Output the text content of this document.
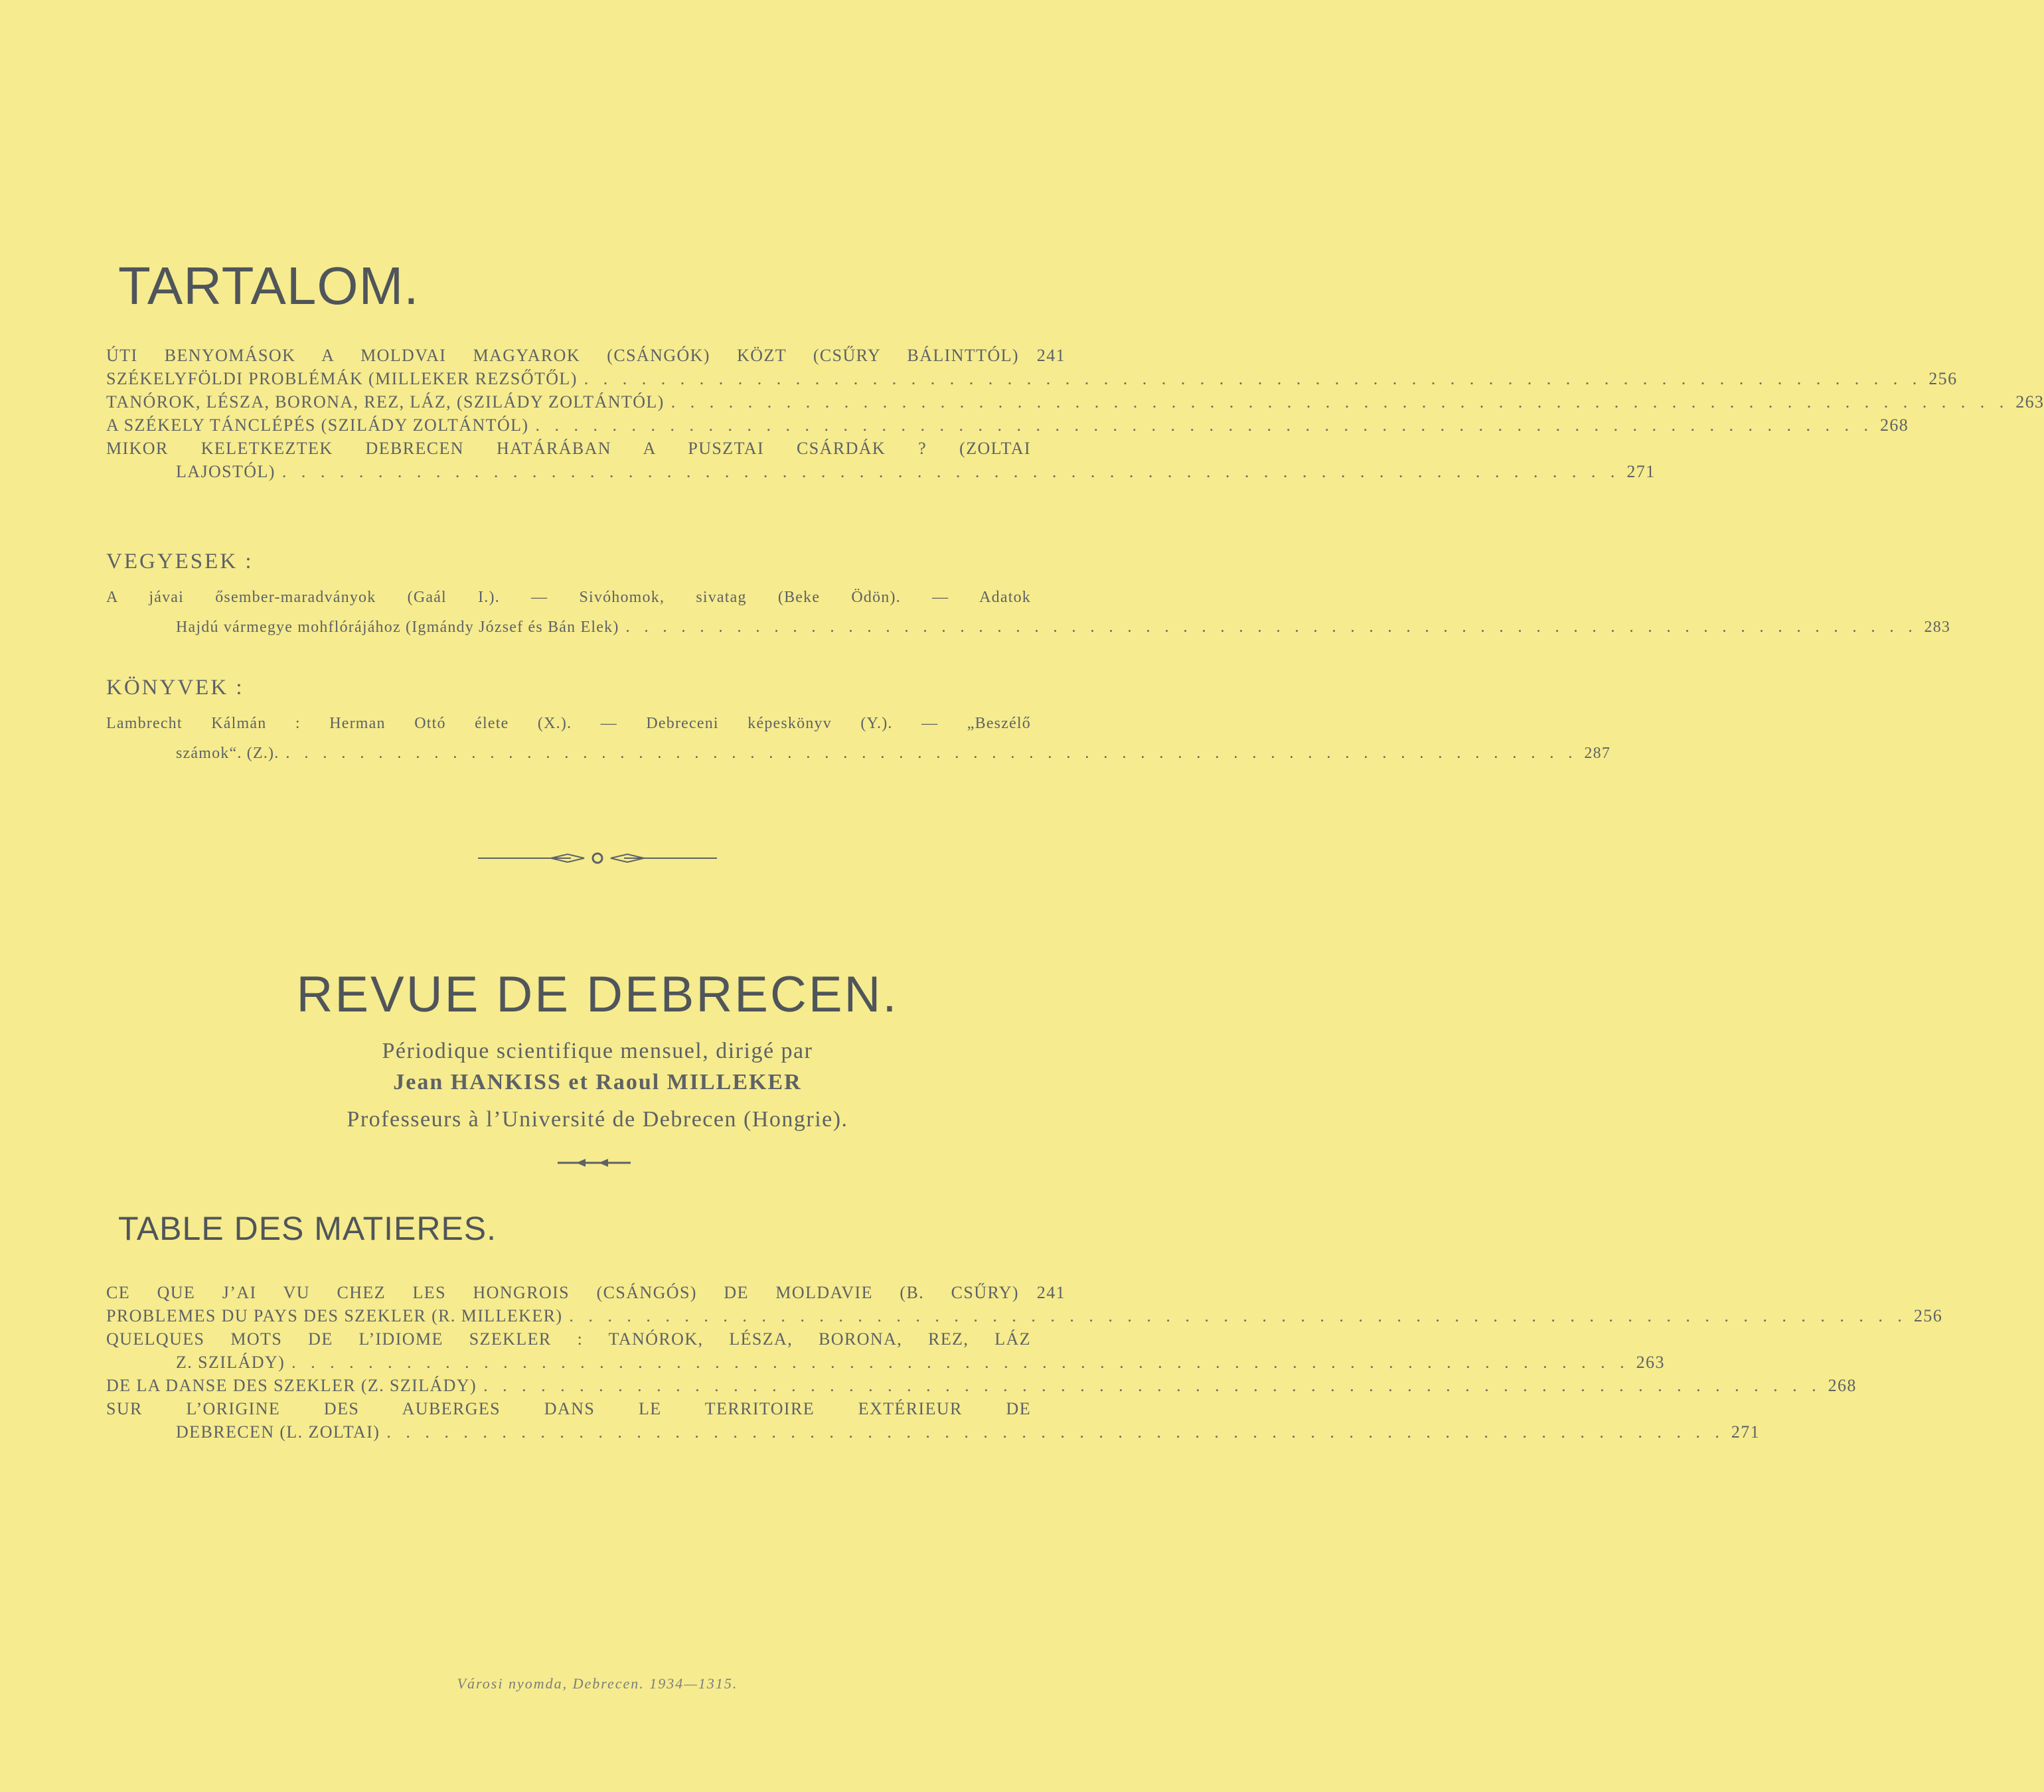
TARTALOM.
ÚTI BENYOMÁSOK A MOLDVAI MAGYAROK (CSÁNGÓK) KÖZT (CSŰRY BÁLINTTÓL)	241
SZÉKELYFÖLDI PROBLÉMÁK (MILLEKER REZSŐTŐL) . . . . . . . . . . . . . . . . . . . . . . . . . . . . . . . . . . . . . . . . . . . . . . . . . . . . . . . . . . . . . . . . . . . . . . 256
TANÓROK, LÉSZA, BORONA, REZ, LÁZ, (SZILÁDY ZOLTÁNTÓL) . . . . . . . . . . . . . . . . . . . . . . . . . . . . . . . . . . . . . . . . . . . . . . . . . . . . . . . . . . . . . . . . . . . . . . 263
A SZÉKELY TÁNCLÉPÉS (SZILÁDY ZOLTÁNTÓL) . . . . . . . . . . . . . . . . . . . . . . . . . . . . . . . . . . . . . . . . . . . . . . . . . . . . . . . . . . . . . . . . . . . . . . 268
MIKOR KELETKEZTEK DEBRECEN HATÁRÁBAN A PUSZTAI CSÁRDÁK ? (ZOLTAI
LAJOSTÓL) . . . . . . . . . . . . . . . . . . . . . . . . . . . . . . . . . . . . . . . . . . . . . . . . . . . . . . . . . . . . . . . . . . . . . . 271
VEGYESEK :
A jávai ősember-maradványok (Gaál I.). — Sivóhomok, sivatag (Beke Ödön). — Adatok
Hajdú vármegye mohflórájához (Igmándy József és Bán Elek) . . . . . . . . . . . . . . . . . . . . . . . . . . . . . . . . . . . . . . . . . . . . . . . . . . . . . . . . . . . . . . . . . . . . . . 283
KÖNYVEK :
Lambrecht Kálmán : Herman Ottó élete (X.). — Debreceni képeskönyv (Y.). — „Beszélő
számok“. (Z.). . . . . . . . . . . . . . . . . . . . . . . . . . . . . . . . . . . . . . . . . . . . . . . . . . . . . . . . . . . . . . . . . . . . . . . 287
REVUE DE DEBRECEN.
Périodique scientifique mensuel, dirigé par
Jean HANKISS et Raoul MILLEKER
Professeurs à l’Université de Debrecen (Hongrie).
TABLE DES MATIERES.
CE QUE J’AI VU CHEZ LES HONGROIS (CSÁNGÓS) DE MOLDAVIE (B. CSŰRY)	241
PROBLEMES DU PAYS DES SZEKLER (R. MILLEKER) . . . . . . . . . . . . . . . . . . . . . . . . . . . . . . . . . . . . . . . . . . . . . . . . . . . . . . . . . . . . . . . . . . . . . . 256
QUELQUES MOTS DE L’IDIOME SZEKLER : TANÓROK, LÉSZA, BORONA, REZ, LÁZ
Z. SZILÁDY) . . . . . . . . . . . . . . . . . . . . . . . . . . . . . . . . . . . . . . . . . . . . . . . . . . . . . . . . . . . . . . . . . . . . . . 263
DE LA DANSE DES SZEKLER (Z. SZILÁDY) . . . . . . . . . . . . . . . . . . . . . . . . . . . . . . . . . . . . . . . . . . . . . . . . . . . . . . . . . . . . . . . . . . . . . . 268
SUR L’ORIGINE DES AUBERGES DANS LE TERRITOIRE EXTÉRIEUR DE
DEBRECEN (L. ZOLTAI) . . . . . . . . . . . . . . . . . . . . . . . . . . . . . . . . . . . . . . . . . . . . . . . . . . . . . . . . . . . . . . . . . . . . . . 271
Városi nyomda, Debrecen. 1934—1315.
